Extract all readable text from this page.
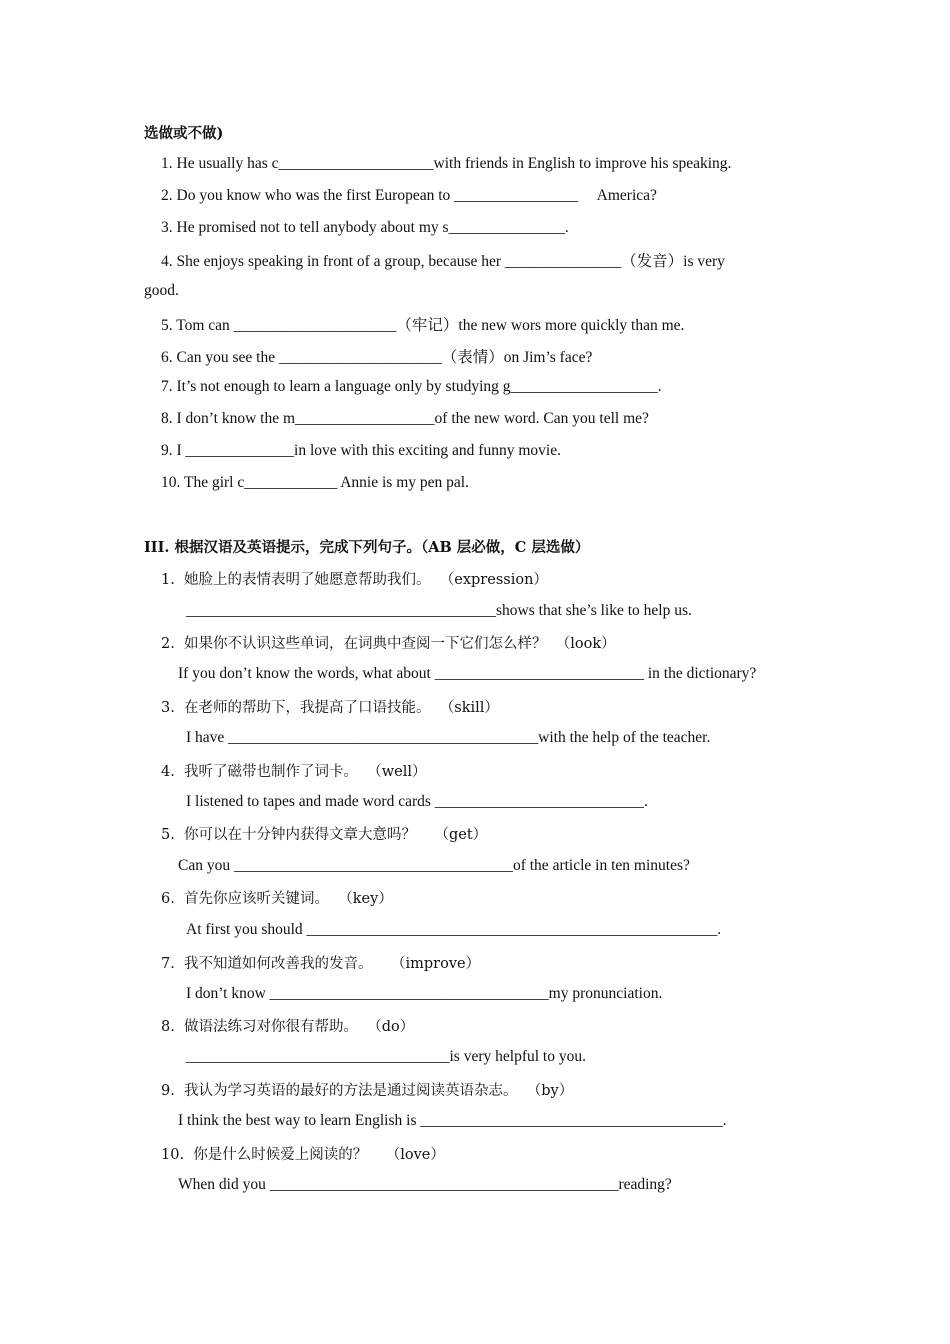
选做或不做)
1. He usually has c____________________with friends in English to improve his speaking.
2. Do you know who was the first European to ________________     America?
3. He promised not to tell anybody about my s_______________.
4. She enjoys speaking in front of a group, because her _______________（发音）is very
good.
5. Tom can _____________________（牢记）the new wors more quickly than me.
6. Can you see the _____________________（表情）on Jim’s face?
7. It’s not enough to learn a language only by studying g___________________.
8. I don’t know the m__________________of the new word. Can you tell me?
9. I ______________in love with this exciting and funny movie.
10. The girl c____________ Annie is my pen pal.
III. 根据汉语及英语提示，完成下列句子。（AB 层必做，C 层选做）
1.  她脸上的表情表明了她愿意帮助我们。  （expression）
________________________________________shows that she’s like to help us.
2.  如果你不认识这些单词，在词典中查阅一下它们怎么样？  （look）
If you don’t know the words, what about ___________________________ in the dictionary?
3.  在老师的帮助下，我提高了口语技能。  （skill）
I have ________________________________________with the help of the teacher.
4.  我听了磁带也制作了词卡。  （well）
I listened to tapes and made word cards ___________________________.
5.  你可以在十分钟内获得文章大意吗？    （get）
Can you ____________________________________of the article in ten minutes?
6.  首先你应该听关键词。  （key）
At first you should _____________________________________________________.
7.  我不知道如何改善我的发音。    （improve）
I don’t know ____________________________________my pronunciation.
8.  做语法练习对你很有帮助。  （do）
__________________________________is very helpful to you.
9.  我认为学习英语的最好的方法是通过阅读英语杂志。  （by）
I think the best way to learn English is _______________________________________.
10.  你是什么时候爱上阅读的？    （love）
When did you _____________________________________________reading?
